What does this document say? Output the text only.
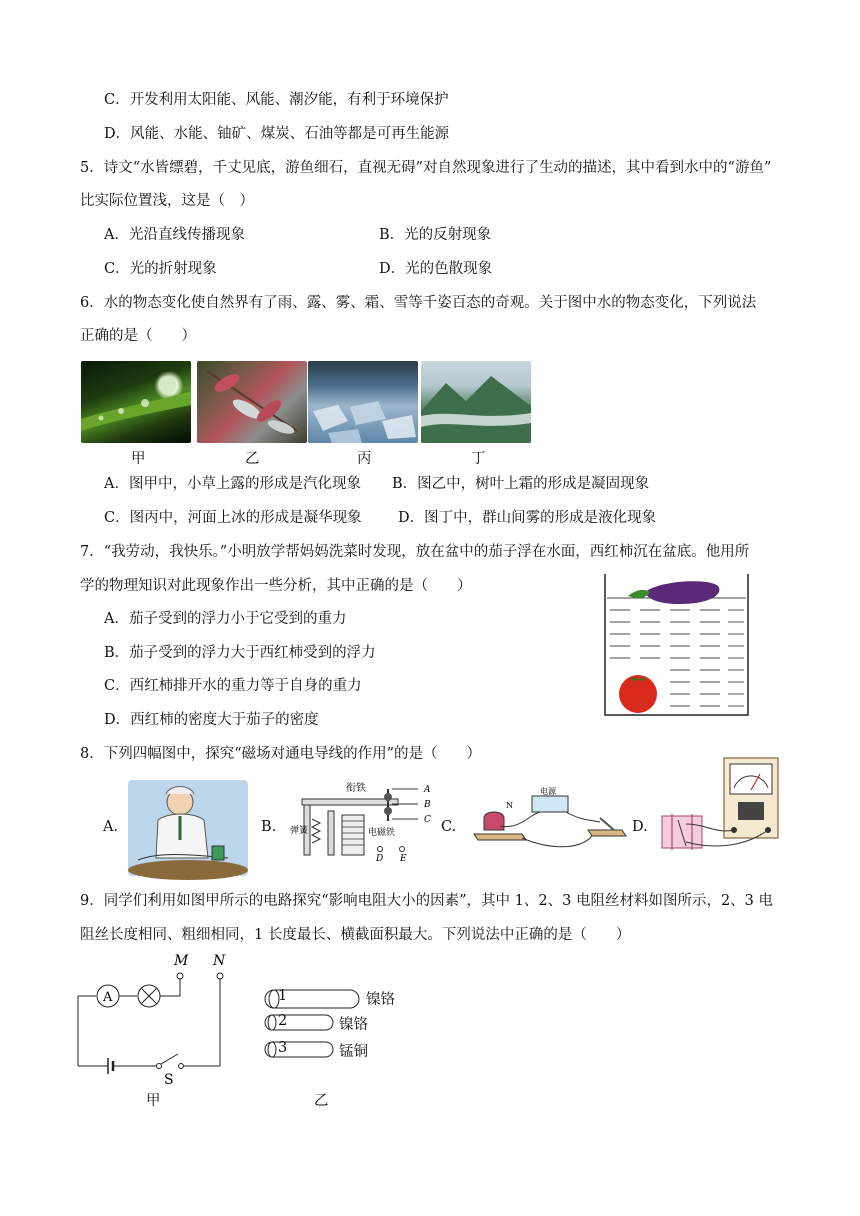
C．开发利用太阳能、风能、潮汐能，有利于环境保护
D．风能、水能、铀矿、煤炭、石油等都是可再生能源
5．诗文“水皆缥碧，千丈见底，游鱼细石，直视无碍”对自然现象进行了生动的描述，其中看到水中的“游鱼”
比实际位置浅，这是（　）
A．光沿直线传播现象	B．光的反射现象
C．光的折射现象	D．光的色散现象
6．水的物态变化使自然界有了雨、露、雾、霜、雪等千姿百态的奇观。关于图中水的物态变化，下列说法
正确的是（　　）
甲	乙	丙	丁
A．图甲中，小草上露的形成是汽化现象 B．图乙中，树叶上霜的形成是凝固现象
C．图丙中，河面上冰的形成是凝华现象	D．图丁中，群山间雾的形成是液化现象
7．“我劳动，我快乐。”小明放学帮妈妈洗菜时发现，放在盆中的茄子浮在水面，西红柿沉在盆底。他用所
学的物理知识对此现象作出一些分析，其中正确的是（　　）
A．茄子受到的浮力小于它受到的重力
B．茄子受到的浮力大于西红柿受到的浮力
C．西红柿排开水的重力等于自身的重力
D．西红柿的密度大于茄子的密度
8．下列四幅图中，探究“磁场对通电导线的作用”的是（　　）
A.	B.
衔铁
弹簧	电磁铁
A
B
C
D E
C.
电源
N
D.
9．同学们利用如图甲所示的电路探究“影响电阻大小的因素”，其中 1、2、3 电阻丝材料如图所示，2、3 电
阻丝长度相同、粗细相同，1 长度最长、横截面积最大。下列说法中正确的是（　　）
M N
A
S
甲
1	镍铬
2	镍铬
3	锰铜
乙
